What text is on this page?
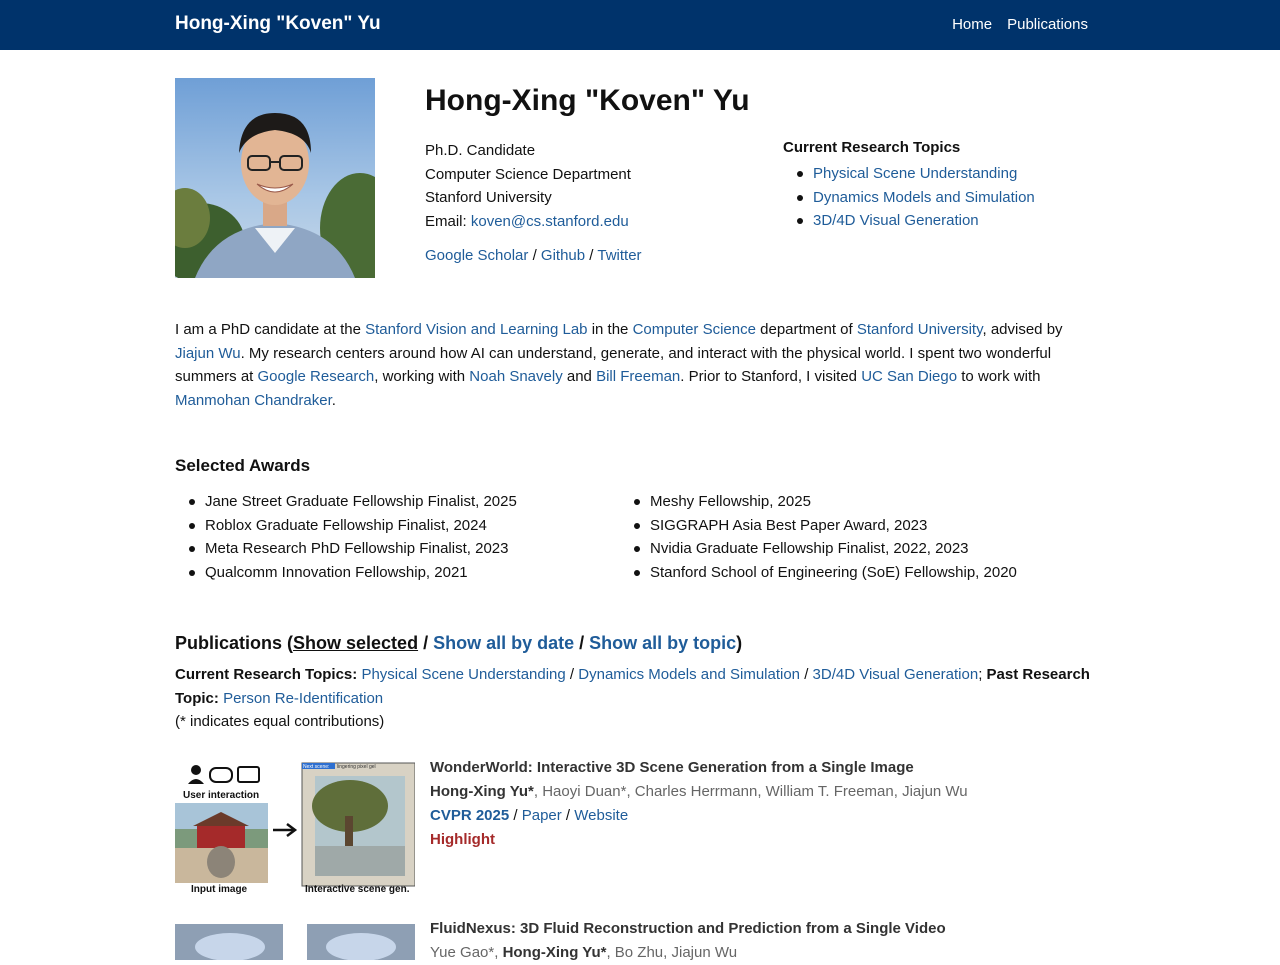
Hong-Xing "Koven" Yu	Home Publications
Hong-Xing "Koven" Yu
Ph.D. Candidate
Computer Science Department
Stanford University
Email: koven@cs.stanford.edu
Google Scholar / Github / Twitter
Current Research Topics
Physical Scene Understanding
Dynamics Models and Simulation
3D/4D Visual Generation
I am a PhD candidate at the Stanford Vision and Learning Lab in the Computer Science department of Stanford University, advised by Jiajun Wu. My research centers around how AI can understand, generate, and interact with the physical world. I spent two wonderful summers at Google Research, working with Noah Snavely and Bill Freeman. Prior to Stanford, I visited UC San Diego to work with Manmohan Chandraker.
Selected Awards
Jane Street Graduate Fellowship Finalist, 2025
Roblox Graduate Fellowship Finalist, 2024
Meta Research PhD Fellowship Finalist, 2023
Qualcomm Innovation Fellowship, 2021
Meshy Fellowship, 2025
SIGGRAPH Asia Best Paper Award, 2023
Nvidia Graduate Fellowship Finalist, 2022, 2023
Stanford School of Engineering (SoE) Fellowship, 2020
Publications (Show selected / Show all by date / Show all by topic)
Current Research Topics: Physical Scene Understanding / Dynamics Models and Simulation / 3D/4D Visual Generation; Past Research Topic: Person Re-Identification
(* indicates equal contributions)
User interaction
Input image
Next scene: lingering pixel gel
Interactive scene gen.
WonderWorld: Interactive 3D Scene Generation from a Single Image
Hong-Xing Yu*, Haoyi Duan*, Charles Herrmann, William T. Freeman, Jiajun Wu
CVPR 2025 / Paper / Website
Highlight
FluidNexus: 3D Fluid Reconstruction and Prediction from a Single Video
Yue Gao*, Hong-Xing Yu*, Bo Zhu, Jiajun Wu
